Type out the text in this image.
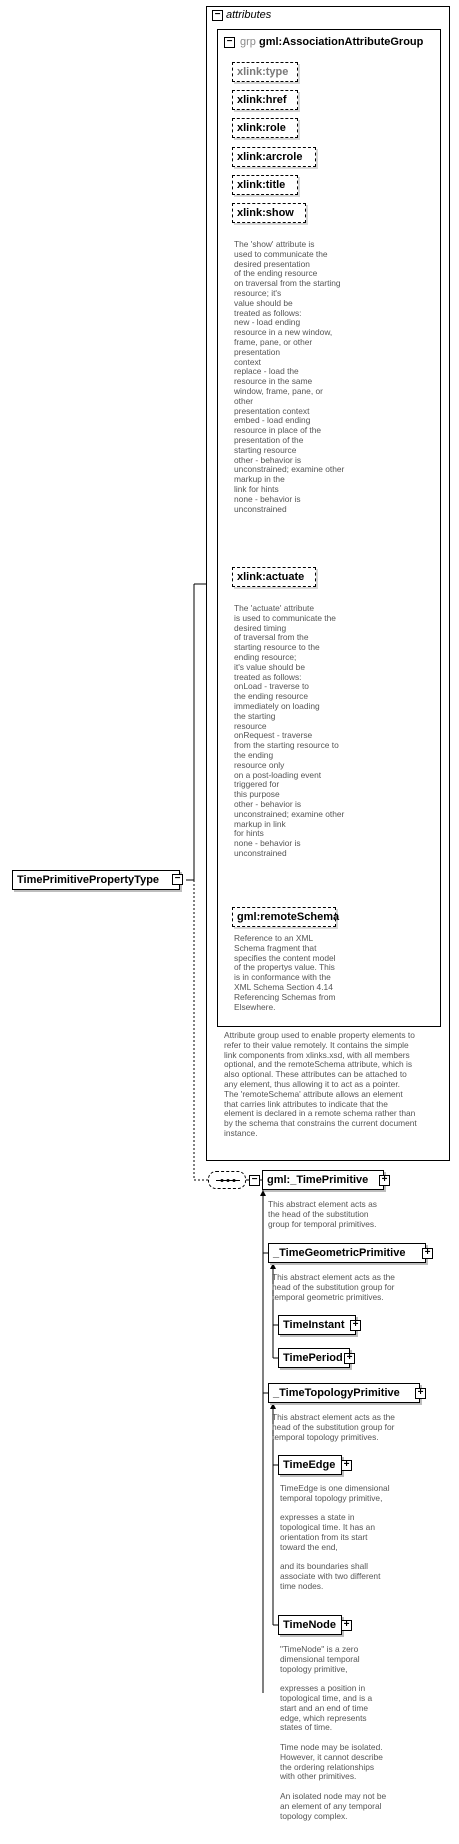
TimePrimitivePropertyType	−
− attributes
− grp gml:AssociationAttributeGroup
xlink:type
xlink:href
xlink:role
xlink:arcrole
xlink:title
xlink:show
The 'show' attribute is
used to communicate the
desired presentation
of the ending resource
on traversal from the starting
resource; it's
value should be
treated as follows:
new - load ending
resource in a new window,
frame, pane, or other
presentation
context
replace - load the
resource in the same
window, frame, pane, or
other
presentation context
embed - load ending
resource in place of the
presentation of the
starting resource
other - behavior is
unconstrained; examine other
markup in the
link for hints
none - behavior is
unconstrained
xlink:actuate
The 'actuate' attribute
is used to communicate the
desired timing
of traversal from the
starting resource to the
ending resource;
it's value should be
treated as follows:
onLoad - traverse to
the ending resource
immediately on loading
the starting
resource
onRequest - traverse
from the starting resource to
the ending
resource only
on a post-loading event
triggered for
this purpose
other - behavior is
unconstrained; examine other
markup in link
for hints
none - behavior is
unconstrained
gml:remoteSchema
Reference to an XML
Schema fragment that
specifies the content model
of the propertys value. This
is in conformance with the
XML Schema Section 4.14
Referencing Schemas from
Elsewhere.
Attribute group used to enable property elements to
refer to their value remotely. It contains the simple
link components from xlinks.xsd, with all members
optional, and the remoteSchema attribute, which is
also optional. These attributes can be attached to
any element, thus allowing it to act as a pointer.
The 'remoteSchema' attribute allows an element
that carries link attributes to indicate that the
element is declared in a remote schema rather than
by the schema that constrains the current document
instance.
− gml:_TimePrimitive	+
This abstract element acts as
the head of the substitution
group for temporal primitives.
_TimeGeometricPrimitive	+
This abstract element acts as the
head of the substitution group for
temporal geometric primitives.
TimeInstant +
TimePeriod +
_TimeTopologyPrimitive	+
This abstract element acts as the
head of the substitution group for
temporal topology primitives.
TimeEdge +
TimeEdge is one dimensional
temporal topology primitive,

expresses a state in
topological time. It has an
orientation from its start
toward the end,

and its boundaries shall
associate with two different
time nodes.
TimeNode +
"TimeNode" is a zero
dimensional temporal
topology primitive,

expresses a position in
topological time, and is a
start and an end of time
edge, which represents
states of time.

Time node may be isolated.
However, it cannot describe
the ordering relationships
with other primitives.

An isolated node may not be
an element of any temporal
topology complex.
